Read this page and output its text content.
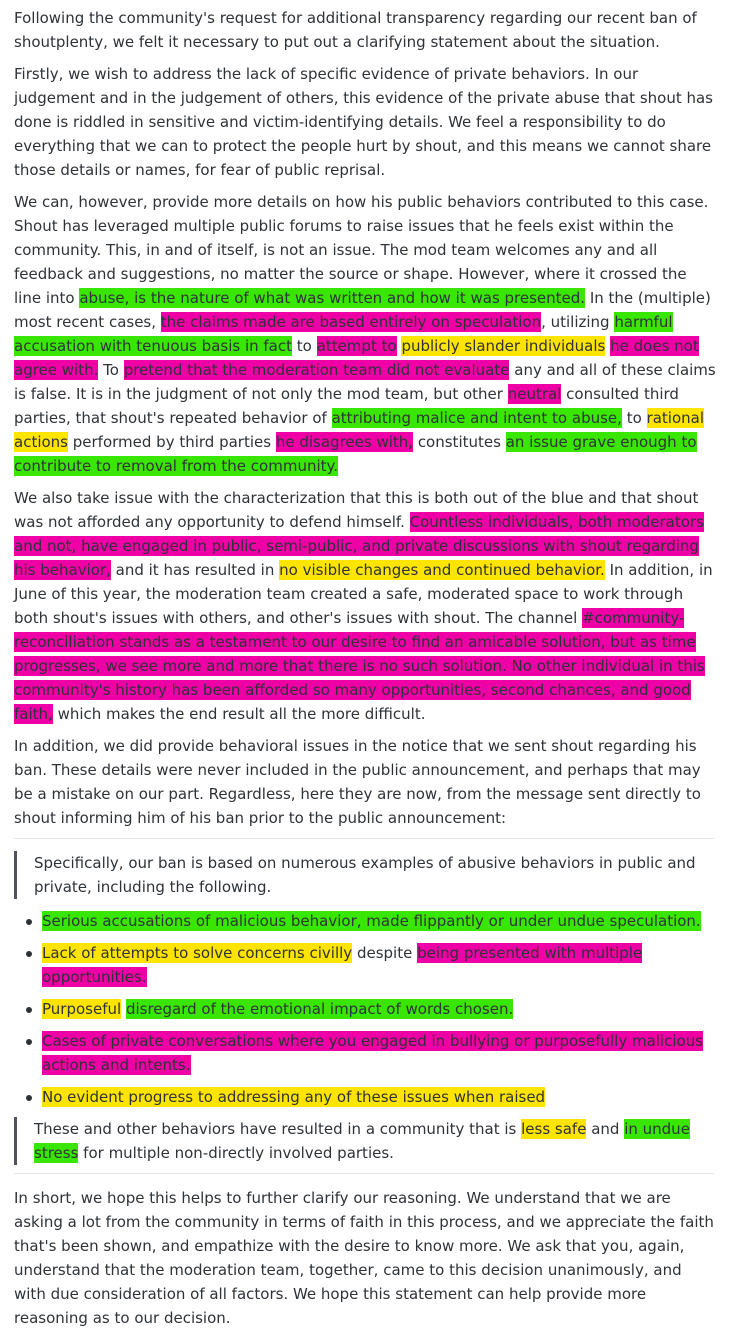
Following the community's request for additional transparency regarding our recent ban of shoutplenty, we felt it necessary to put out a clarifying statement about the situation.

Firstly, we wish to address the lack of specific evidence of private behaviors. In our judgement and in the judgement of others, this evidence of the private abuse that shout has done is riddled in sensitive and victim-identifying details. We feel a responsibility to do everything that we can to protect the people hurt by shout, and this means we cannot share those details or names, for fear of public reprisal.

We can, however, provide more details on how his public behaviors contributed to this case. Shout has leveraged multiple public forums to raise issues that he feels exist within the community. This, in and of itself, is not an issue. The mod team welcomes any and all feedback and suggestions, no matter the source or shape. However, where it crossed the line into abuse, is the nature of what was written and how it was presented. In the (multiple) most recent cases, the claims made are based entirely on speculation, utilizing harmful accusation with tenuous basis in fact to attempt to publicly slander individuals he does not agree with. To pretend that the moderation team did not evaluate any and all of these claims is false. It is in the judgment of not only the mod team, but other neutral consulted third parties, that shout's repeated behavior of attributing malice and intent to abuse, to rational actions performed by third parties he disagrees with, constitutes an issue grave enough to contribute to removal from the community.

We also take issue with the characterization that this is both out of the blue and that shout was not afforded any opportunity to defend himself. Countless individuals, both moderators and not, have engaged in public, semi-public, and private discussions with shout regarding his behavior, and it has resulted in no visible changes and continued behavior. In addition, in June of this year, the moderation team created a safe, moderated space to work through both shout's issues with others, and other's issues with shout. The channel #community-reconciliation stands as a testament to our desire to find an amicable solution, but as time progresses, we see more and more that there is no such solution. No other individual in this community's history has been afforded so many opportunities, second chances, and good faith, which makes the end result all the more difficult.

In addition, we did provide behavioral issues in the notice that we sent shout regarding his ban. These details were never included in the public announcement, and perhaps that may be a mistake on our part. Regardless, here they are now, from the message sent directly to shout informing him of his ban prior to the public announcement:

Specifically, our ban is based on numerous examples of abusive behaviors in public and private, including the following.

Serious accusations of malicious behavior, made flippantly or under undue speculation.
Lack of attempts to solve concerns civilly despite being presented with multiple opportunities.
Purposeful disregard of the emotional impact of words chosen.
Cases of private conversations where you engaged in bullying or purposefully malicious actions and intents.
No evident progress to addressing any of these issues when raised

These and other behaviors have resulted in a community that is less safe and in undue stress for multiple non-directly involved parties.

In short, we hope this helps to further clarify our reasoning. We understand that we are asking a lot from the community in terms of faith in this process, and we appreciate the faith that's been shown, and empathize with the desire to know more. We ask that you, again, understand that the moderation team, together, came to this decision unanimously, and with due consideration of all factors. We hope this statement can help provide more reasoning as to our decision.
